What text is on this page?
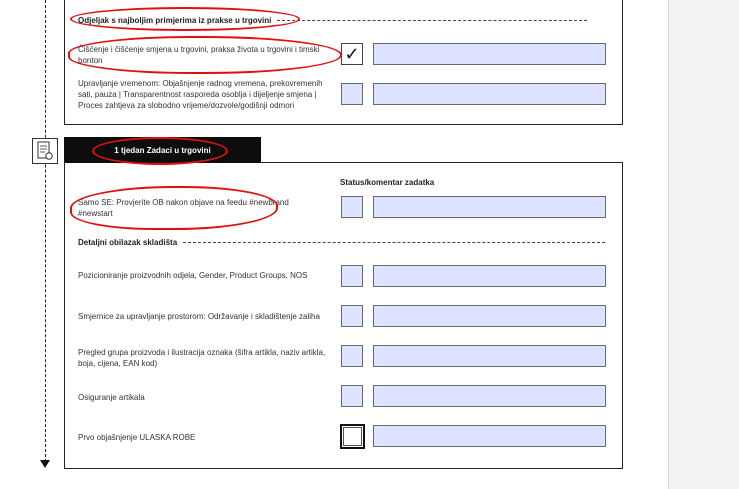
Odjeljak s najboljim primjerima iz prakse u trgovini
Čišćenje i čišćenje smjena u trgovini, praksa života u trgovini i timski bonton	✓
Upravljanje vremenom: Objašnjenje radnog vremena, prekovremenih sati, pauza | Transparentnost rasporeda osoblja i dijeljenje smjena | Proces zahtjeva za slobodno vrijeme/dozvole/godišnji odmori
1 tjedan Zadaci u trgovini
Status/komentar zadatka
Samo SE: Provjerite OB nakon objave na feedu #newbrand #newstart
Detaljni obilazak skladišta
Pozicioniranje proizvodnih odjela, Gender, Product Groups, NOS
Smjernice za upravljanje prostorom: Održavanje i skladištenje zaliha
Pregled grupa proizvoda i ilustracija oznaka (šifra artikla, naziv artikla, boja, cijena, EAN kod)
Osiguranje artikala
Prvo objašnjenje ULASKA ROBE
